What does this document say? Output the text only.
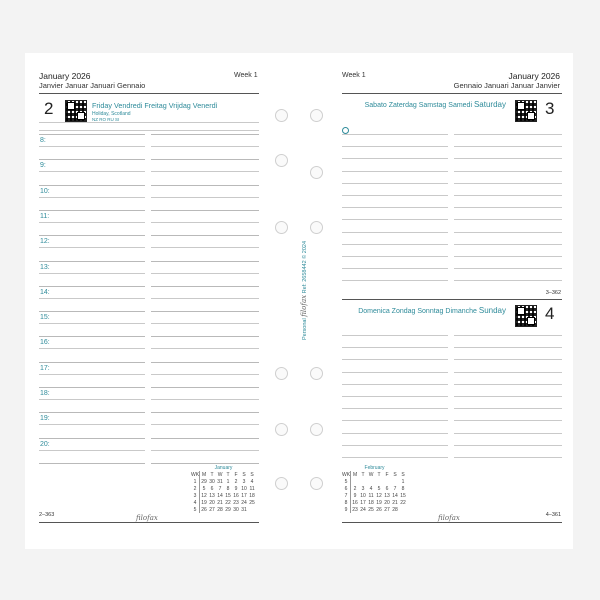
January 2026
Janvier Januar Januari Gennaio
Week 1
2	Friday Vendredi Freitag Vrijdag Venerdì
Holiday, Scotland
NZ RO RU SI
8:
9:
10:
11:
12:
13:
14:
15:
16:
17:
18:
19:
20:
January
WK	M	T	W	T	F	S	S
1	29	30	31	1	2	3	4
2	5	6	7	8	9	10	11
3	12	13	14	15	16	17	18
4	19	20	21	22	23	24	25
5	26	27	28	29	30	31	
2–363	filofax
Week 1	January 2026
Gennaio Januari Januar Janvier
Sabato Zaterdag Samstag Samedi Saturday 3
3–362
Domenica Zondag Sonntag Dimanche Sunday 4
February
WK	M	T	W	T	F	S	S
5							1
6	2	3	4	5	6	7	8
7	9	10	11	12	13	14	15
8	16	17	18	19	20	21	22
9	23	24	25	26	27	28	
4–361
filofax
Personal filofax Ref: 2658442 © 2024
